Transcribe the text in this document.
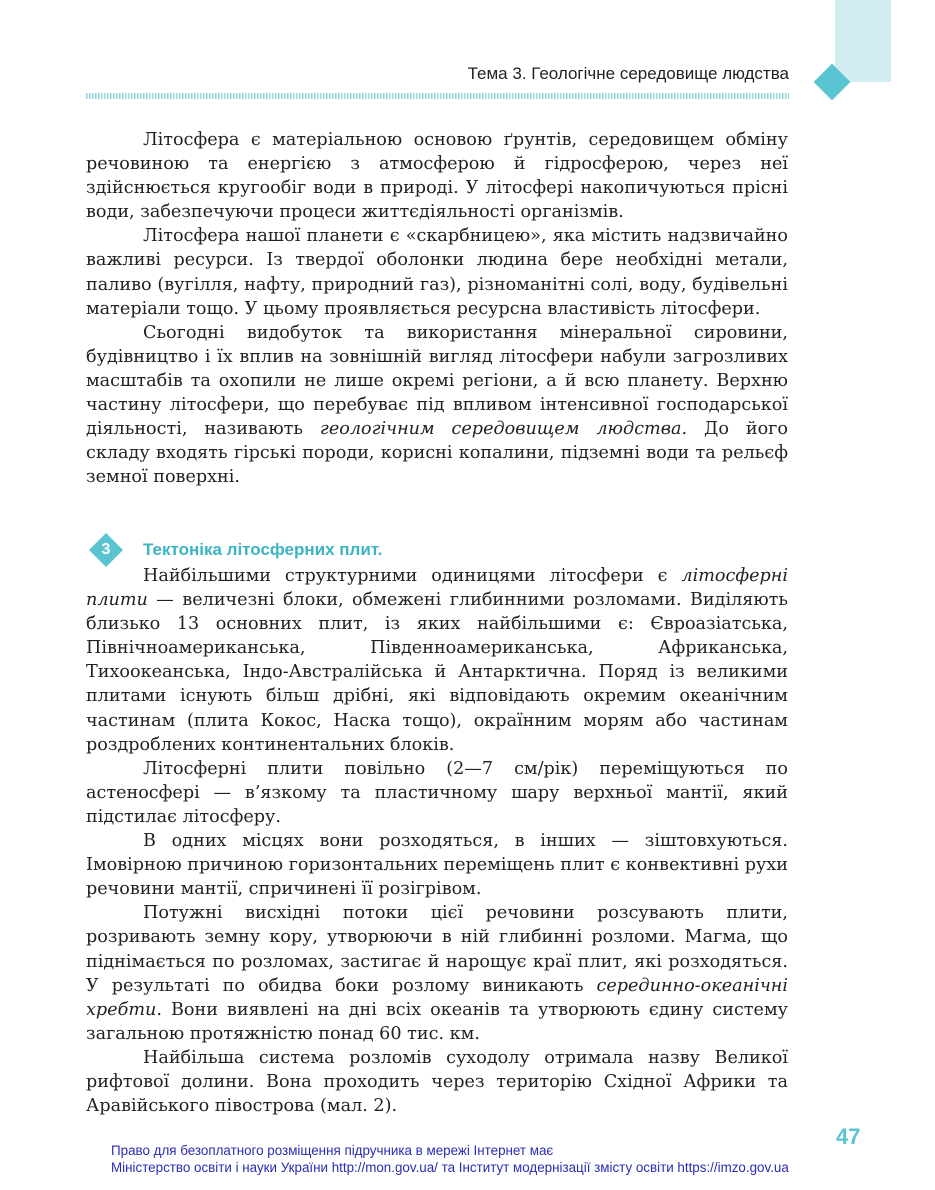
Тема 3. Геологічне середовище людства

Літосфера є матеріальною основою ґрунтів, середовищем обміну речовиною та енергією з атмосферою й гідросферою, через неї здійснюється кругообіг води в природі. У літосфері накопичуються прісні води, забезпечуючи процеси життєдіяльності організмів.

Літосфера нашої планети є «скарбницею», яка містить надзвичайно важливі ресурси. Із твердої оболонки людина бере необхідні метали, паливо (вугілля, нафту, природний газ), різноманітні солі, воду, будівельні матеріали тощо. У цьому проявляється ресурсна властивість літосфери.

Сьогодні видобуток та використання мінеральної сировини, будівництво і їх вплив на зовнішній вигляд літосфери набули загрозливих масштабів та охопили не лише окремі регіони, а й всю планету. Верхню частину літосфери, що перебуває під впливом інтенсивної господарської діяльності, називають геологічним середовищем людства. До його складу входять гірські породи, корисні копалини, підземні води та рельєф земної поверхні.

3	Тектоніка літосферних плит.

Найбільшими структурними одиницями літосфери є літосферні плити — величезні блоки, обмежені глибинними розломами. Виділяють близько 13 основних плит, із яких найбільшими є: Євроазіатська, Північноамериканська, Південноамериканська, Африканська, Тихоокеанська, Індо-Австралійська й Антарктична. Поряд із великими плитами існують більш дрібні, які відповідають окремим океанічним частинам (плита Кокос, Наска тощо), окраїнним морям або частинам роздроблених континентальних блоків.

Літосферні плити повільно (2—7 см/рік) переміщуються по астеносфері — в’язкому та пластичному шару верхньої мантії, який підстилає літосферу.

В одних місцях вони розходяться, в інших — зіштовхуються. Імовірною причиною горизонтальних переміщень плит є конвективні рухи речовини мантії, спричинені її розігрівом.

Потужні висхідні потоки цієї речовини розсувають плити, розривають земну кору, утворюючи в ній глибинні розломи. Магма, що піднімається по розломах, застигає й нарощує краї плит, які розходяться. У результаті по обидва боки розлому виникають серединно-океанічні хребти. Вони виявлені на дні всіх океанів та утворюють єдину систему загальною протяжністю понад 60 тис. км.

Найбільша система розломів суходолу отримала назву Великої рифтової долини. Вона проходить через територію Східної Африки та Аравійського півострова (мал. 2).

47
Право для безоплатного розміщення підручника в мережі Інтернет має
Міністерство освіти і науки України http://mon.gov.ua/ та Інститут модернізації змісту освіти https://imzo.gov.ua
